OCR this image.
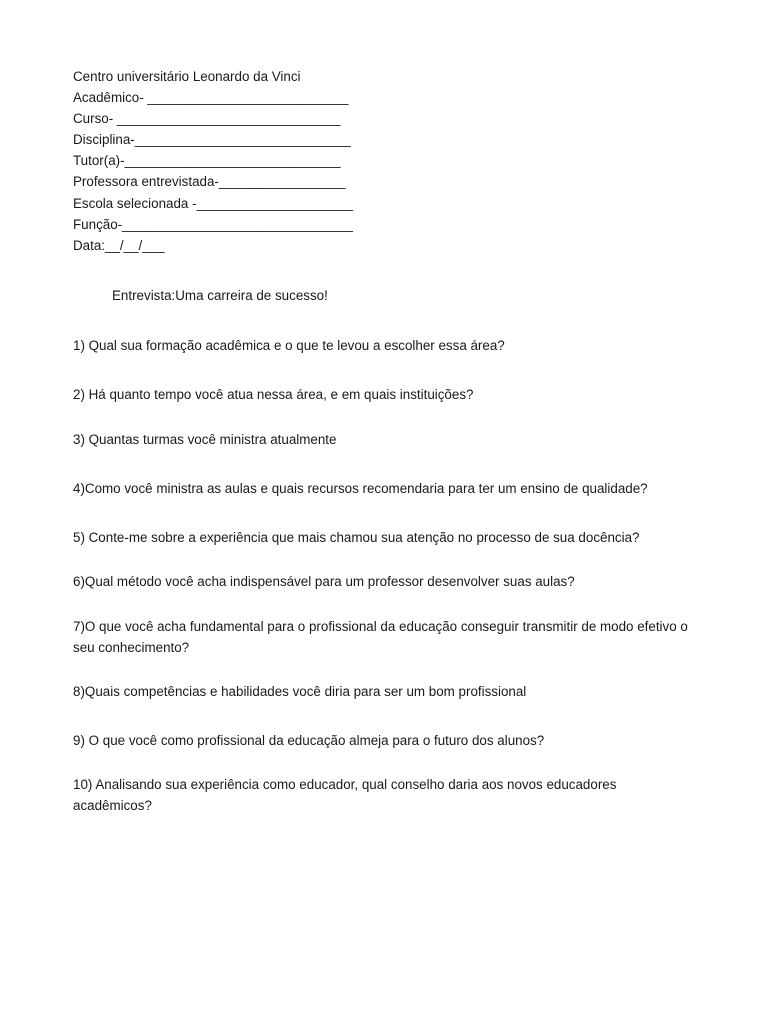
Centro universitário Leonardo da Vinci
Acadêmico- ___________________________
Curso- ______________________________
Disciplina-_____________________________
Tutor(a)-_____________________________
Professora entrevistada-_________________
Escola selecionada -_____________________
Função-_______________________________
Data:__/__/___
Entrevista:Uma carreira de sucesso!
1) Qual sua formação acadêmica e o que te levou a escolher essa área?
2) Há quanto tempo você atua nessa área, e em quais instituições?
3) Quantas turmas você ministra atualmente
4)Como você ministra as aulas e quais recursos recomendaria para ter um ensino de qualidade?
5) Conte-me sobre a experiência que mais chamou sua atenção no processo de sua docência?
6)Qual método você acha indispensável para um professor desenvolver suas aulas?
7)O que você acha fundamental para o profissional da educação conseguir transmitir de modo efetivo o seu conhecimento?
8)Quais competências e habilidades você diria para ser um bom profissional
9) O que você como profissional da educação almeja para o futuro dos alunos?
10) Analisando sua experiência como educador, qual conselho daria aos novos educadores acadêmicos?
